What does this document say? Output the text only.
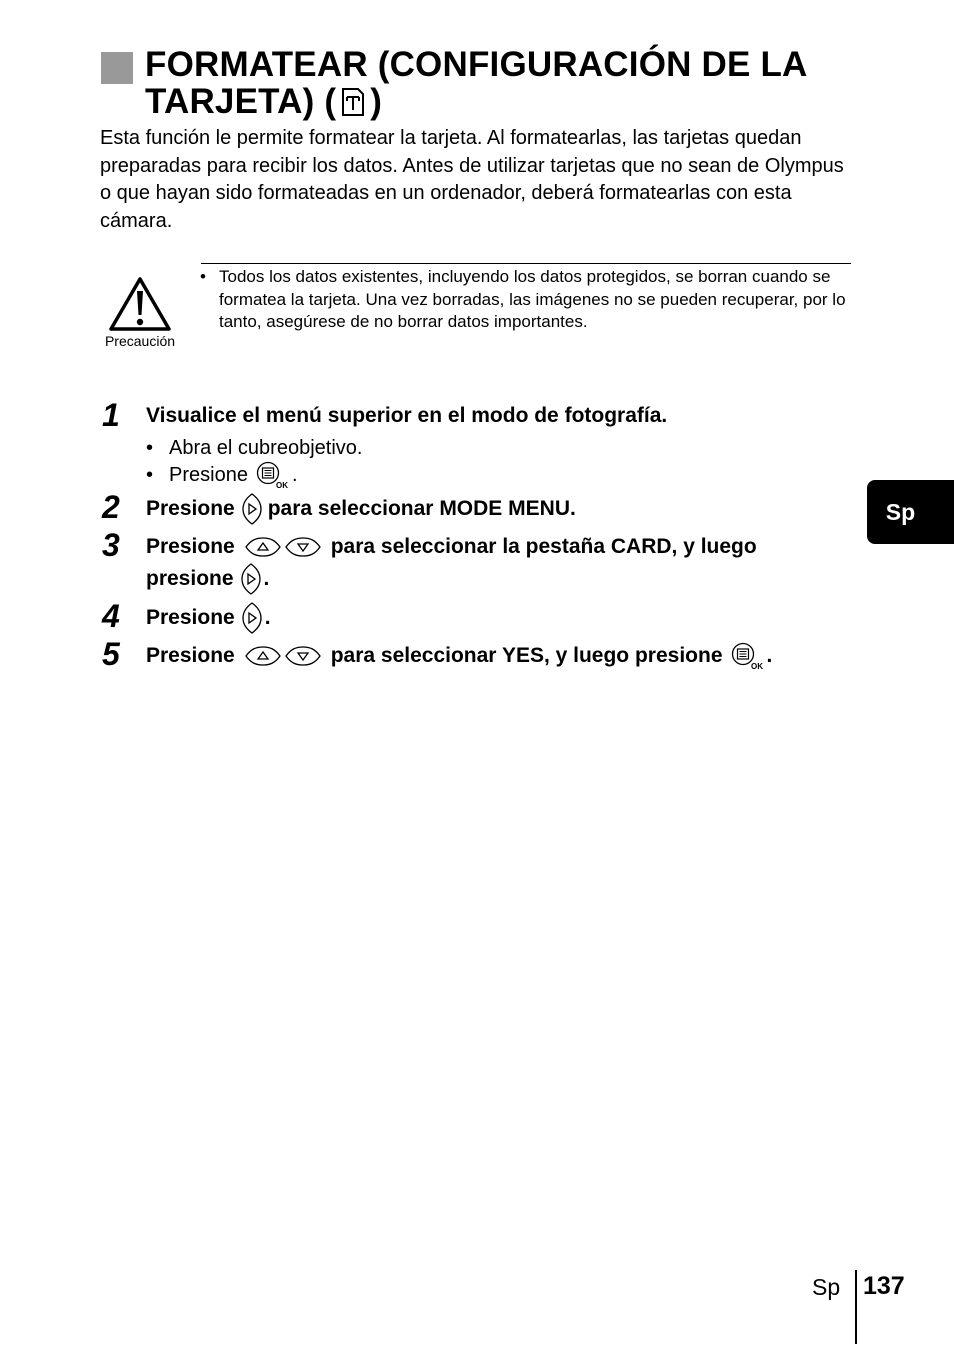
FORMATEAR (CONFIGURACIÓN DE LA
TARJETA) ( )
Esta función le permite formatear la tarjeta. Al formatearlas, las tarjetas quedan preparadas para recibir los datos. Antes de utilizar tarjetas que no sean de Olympus o que hayan sido formateadas en un ordenador, deberá formatearlas con esta cámara.
Precaución
• Todos los datos existentes, incluyendo los datos protegidos, se borran cuando se formatea la tarjeta. Una vez borradas, las imágenes no se pueden recuperar, por lo tanto, asegúrese de no borrar datos importantes.
1	Visualice el menú superior en el modo de fotografía.
• Abra el cubreobjetivo.
• Presione	OK .
2	Presione para seleccionar MODE MENU.
3	Presione	para seleccionar la pestaña CARD, y luego
presione .
4	Presione .
5	Presione	para seleccionar YES, y luego presione	OK .
Sp
Sp 137
